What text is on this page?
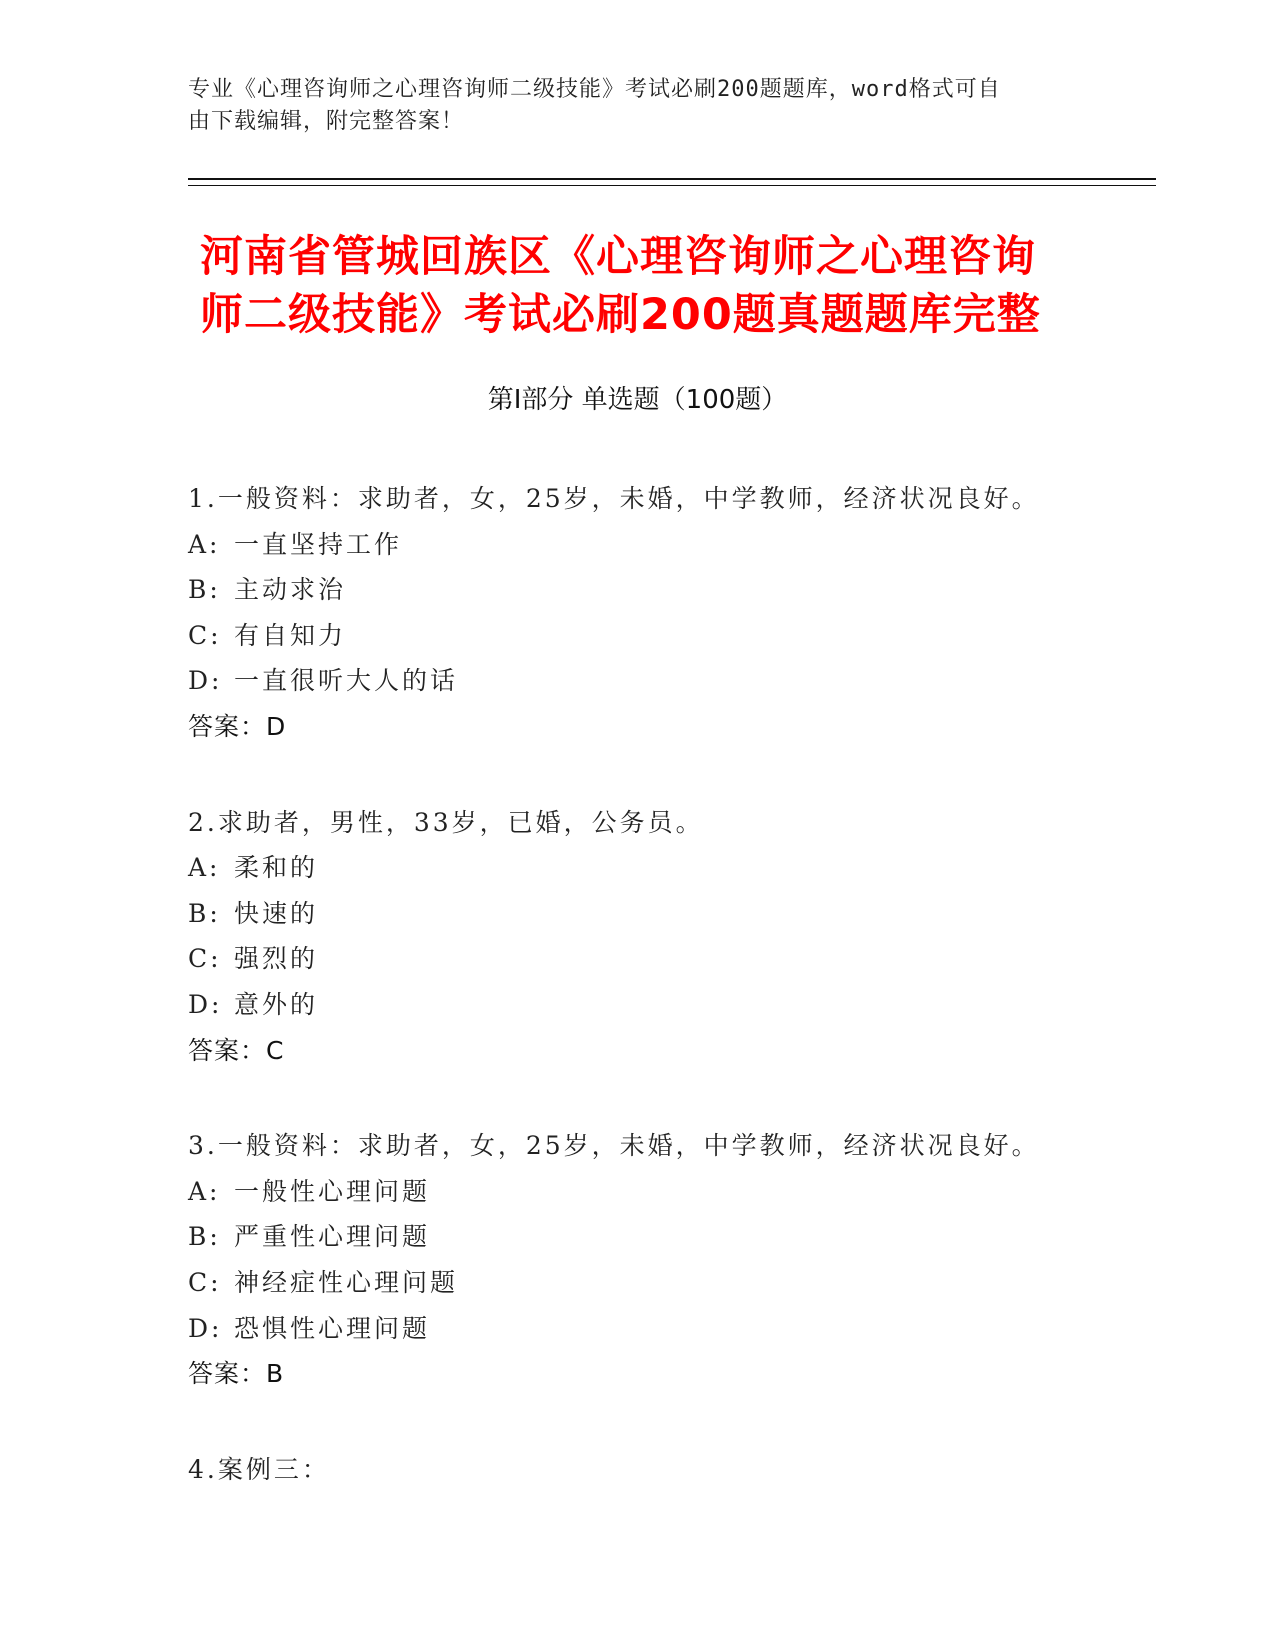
专业《心理咨询师之心理咨询师二级技能》考试必刷200题题库，word格式可自
由下载编辑，附完整答案！
河南省管城回族区《心理咨询师之心理咨询
师二级技能》考试必刷200题真题题库完整
第Ⅰ部分 单选题（100题）
1.一般资料：求助者，女，25岁，未婚，中学教师，经济状况良好。
A: 一直坚持工作
B: 主动求治
C: 有自知力
D: 一直很听大人的话
答案：D
2.求助者，男性，33岁，已婚，公务员。
A: 柔和的
B: 快速的
C: 强烈的
D: 意外的
答案：C
3.一般资料：求助者，女，25岁，未婚，中学教师，经济状况良好。
A: 一般性心理问题
B: 严重性心理问题
C: 神经症性心理问题
D: 恐惧性心理问题
答案：B
4.案例三：
